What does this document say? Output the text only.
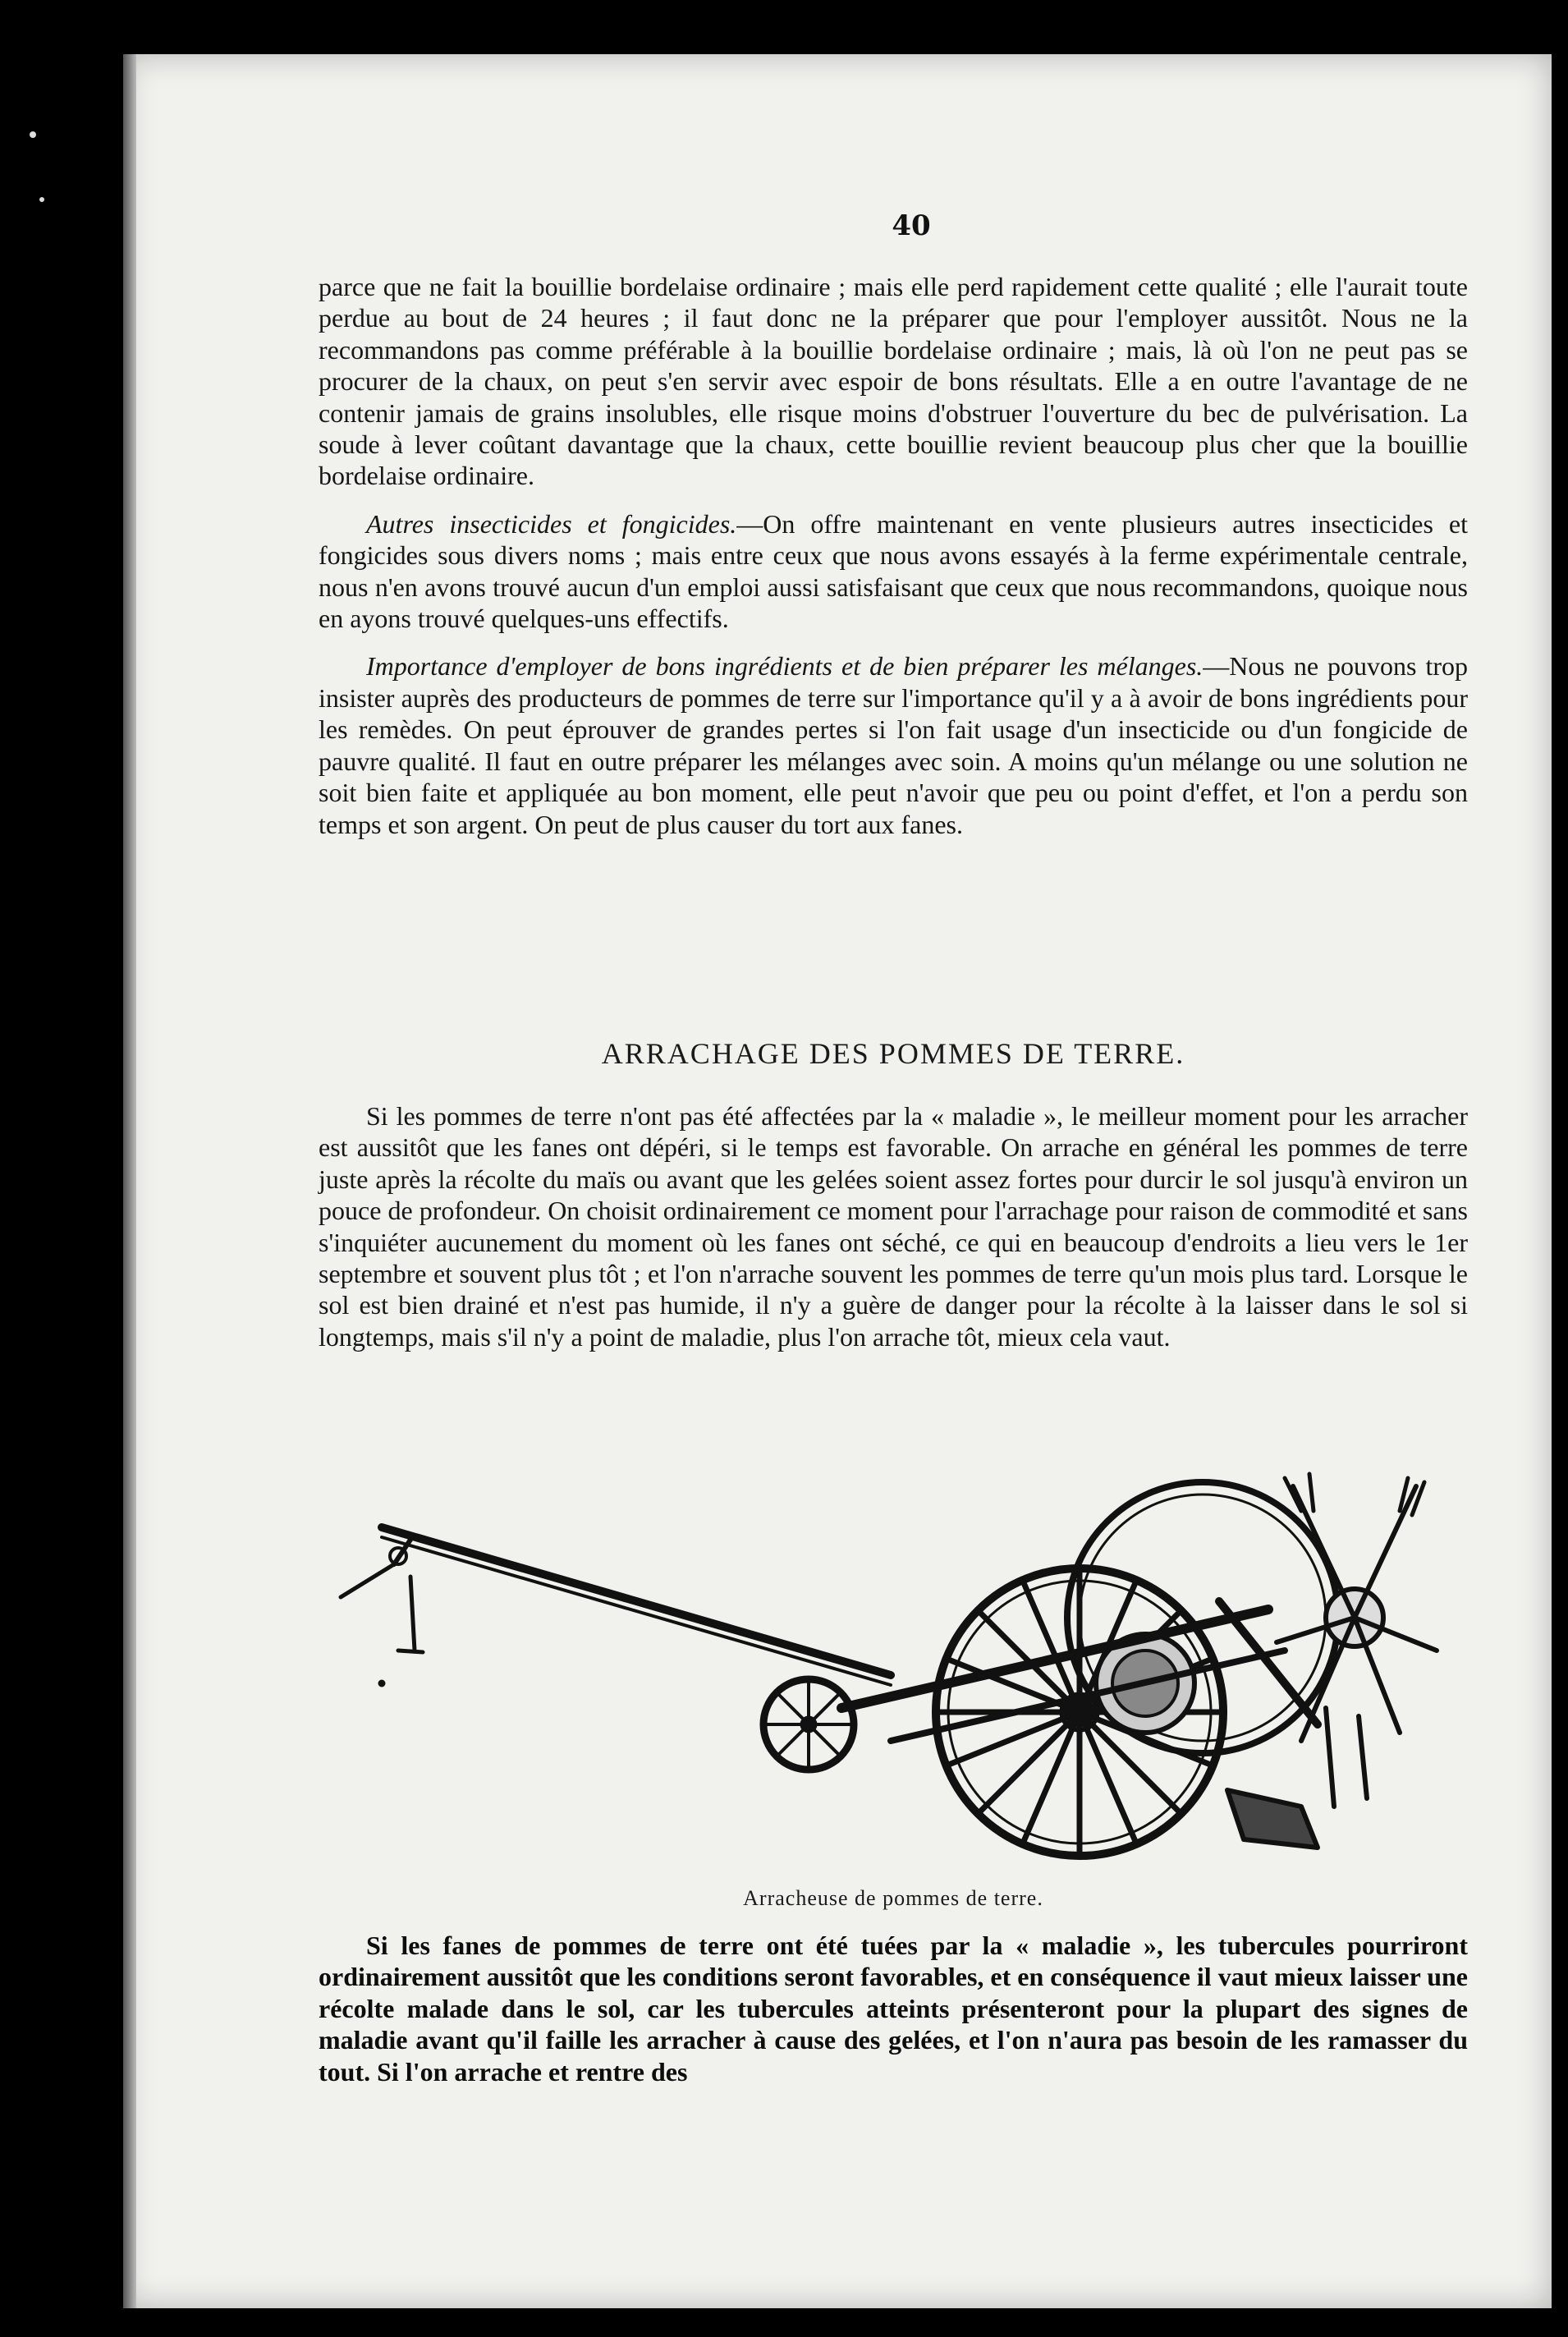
40

parce que ne fait la bouillie bordelaise ordinaire ; mais elle perd rapidement cette qualité ; elle l'aurait toute perdue au bout de 24 heures ; il faut donc ne la préparer que pour l'employer aussitôt. Nous ne la recommandons pas comme préférable à la bouillie bordelaise ordinaire ; mais, là où l'on ne peut pas se procurer de la chaux, on peut s'en servir avec espoir de bons résultats. Elle a en outre l'avantage de ne contenir jamais de grains insolubles, elle risque moins d'obstruer l'ouverture du bec de pulvérisation. La soude à lever coûtant davantage que la chaux, cette bouillie revient beaucoup plus cher que la bouillie bordelaise ordinaire.

Autres insecticides et fongicides.—On offre maintenant en vente plusieurs autres insecticides et fongicides sous divers noms ; mais entre ceux que nous avons essayés à la ferme expérimentale centrale, nous n'en avons trouvé aucun d'un emploi aussi satisfaisant que ceux que nous recommandons, quoique nous en ayons trouvé quelques-uns effectifs.

Importance d'employer de bons ingrédients et de bien préparer les mélanges.—Nous ne pouvons trop insister auprès des producteurs de pommes de terre sur l'importance qu'il y a à avoir de bons ingrédients pour les remèdes. On peut éprouver de grandes pertes si l'on fait usage d'un insecticide ou d'un fongicide de pauvre qualité. Il faut en outre préparer les mélanges avec soin. A moins qu'un mélange ou une solution ne soit bien faite et appliquée au bon moment, elle peut n'avoir que peu ou point d'effet, et l'on a perdu son temps et son argent. On peut de plus causer du tort aux fanes.

ARRACHAGE DES POMMES DE TERRE.

Si les pommes de terre n'ont pas été affectées par la « maladie », le meilleur moment pour les arracher est aussitôt que les fanes ont dépéri, si le temps est favorable. On arrache en général les pommes de terre juste après la récolte du maïs ou avant que les gelées soient assez fortes pour durcir le sol jusqu'à environ un pouce de profondeur. On choisit ordinairement ce moment pour l'arrachage pour raison de commodité et sans s'inquiéter aucunement du moment où les fanes ont séché, ce qui en beaucoup d'endroits a lieu vers le 1er septembre et souvent plus tôt ; et l'on n'arrache souvent les pommes de terre qu'un mois plus tard. Lorsque le sol est bien drainé et n'est pas humide, il n'y a guère de danger pour la récolte à la laisser dans le sol si longtemps, mais s'il n'y a point de maladie, plus l'on arrache tôt, mieux cela vaut.

Arracheuse de pommes de terre.

Si les fanes de pommes de terre ont été tuées par la « maladie », les tubercules pourriront ordinairement aussitôt que les conditions seront favorables, et en conséquence il vaut mieux laisser une récolte malade dans le sol, car les tubercules atteints présenteront pour la plupart des signes de maladie avant qu'il faille les arracher à cause des gelées, et l'on n'aura pas besoin de les ramasser du tout. Si l'on arrache et rentre des
